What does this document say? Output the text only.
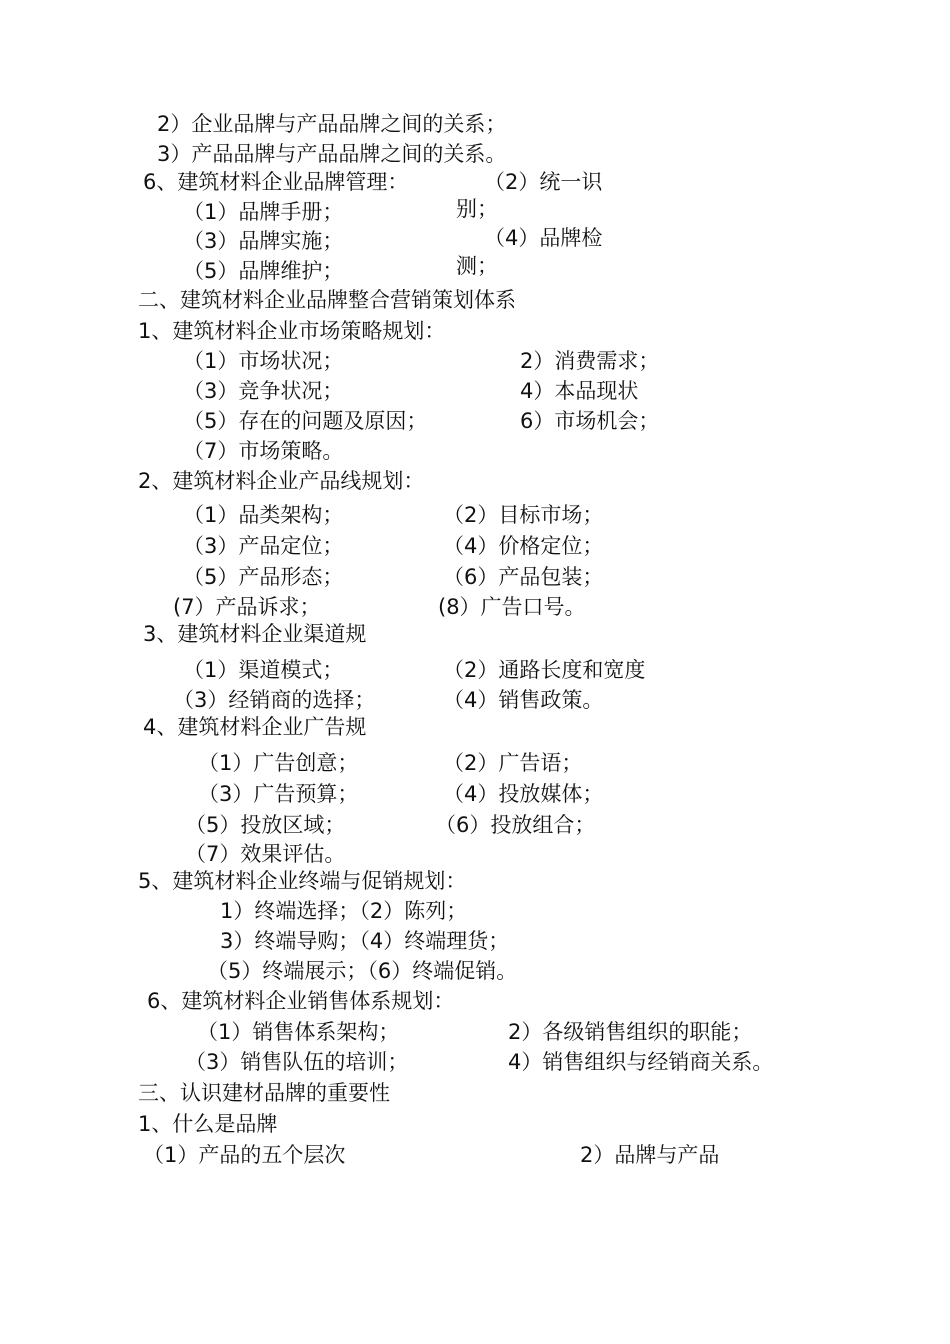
2）企业品牌与产品品牌之间的关系；
3）产品品牌与产品品牌之间的关系。
6、建筑材料企业品牌管理：	（2）统一识
（1）品牌手册；	别；
（3）品牌实施；	（4）品牌检
（5）品牌维护；	测；
二、建筑材料企业品牌整合营销策划体系
1、建筑材料企业市场策略规划：
（1）市场状况；	2）消费需求；
（3）竞争状况；	4）本品现状
（5）存在的问题及原因；	6）市场机会；
（7）市场策略。
2、建筑材料企业产品线规划：
（1）品类架构；	（2）目标市场；
（3）产品定位；	（4）价格定位；
（5）产品形态；	（6）产品包装；
(7）产品诉求；	(8）广告口号。
3、建筑材料企业渠道规
（1）渠道模式；	（2）通路长度和宽度
（3）经销商的选择；	（4）销售政策。
4、建筑材料企业广告规
（1）广告创意；	（2）广告语；
（3）广告预算；	（4）投放媒体；
（5）投放区域；	（6）投放组合；
（7）效果评估。
5、建筑材料企业终端与促销规划：
1）终端选择；（2）陈列；
3）终端导购；（4）终端理货；
（5）终端展示；（6）终端促销。
6、建筑材料企业销售体系规划：
（1）销售体系架构；	2）各级销售组织的职能；
（3）销售队伍的培训；	4）销售组织与经销商关系。
三、认识建材品牌的重要性
1、什么是品牌
（1）产品的五个层次	2）品牌与产品
